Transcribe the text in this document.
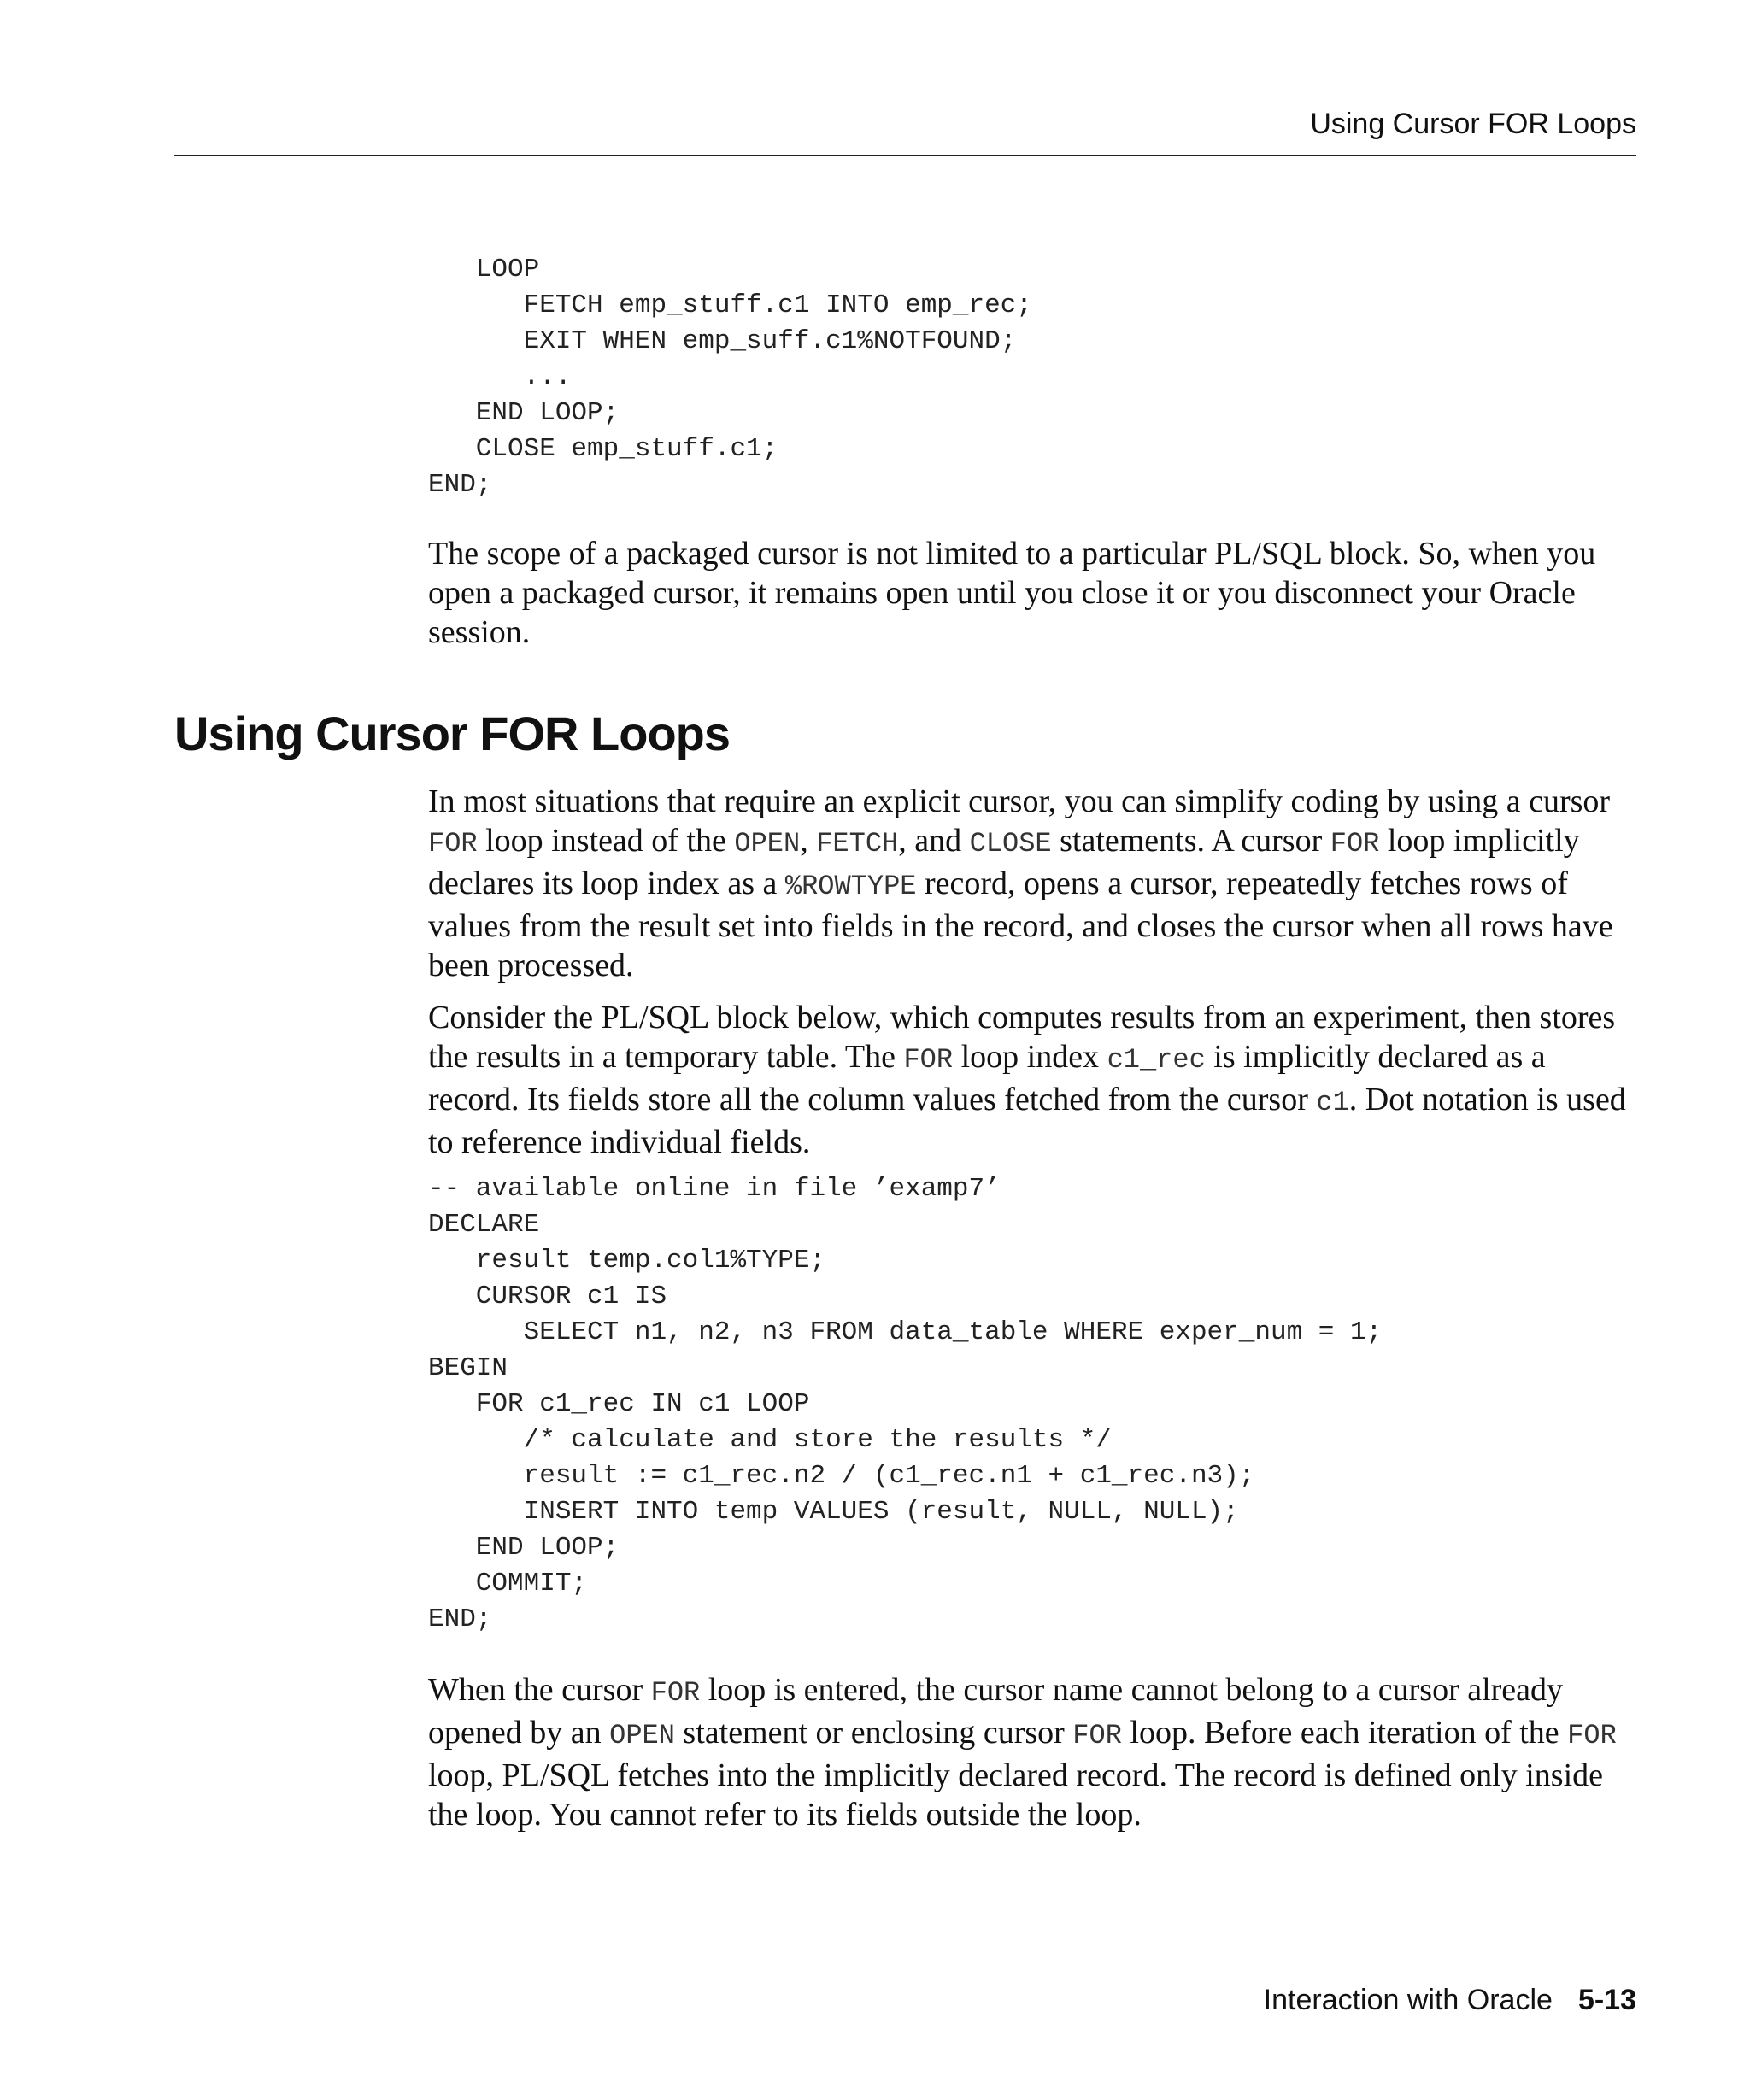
Using Cursor FOR Loops
LOOP
FETCH emp_stuff.c1 INTO emp_rec;
EXIT WHEN emp_suff.c1%NOTFOUND;
...
END LOOP;
CLOSE emp_stuff.c1;
END;

The scope of a packaged cursor is not limited to a particular PL/SQL block. So, when you open a packaged cursor, it remains open until you close it or you disconnect your Oracle session.

Using Cursor FOR Loops

In most situations that require an explicit cursor, you can simplify coding by using a cursor FOR loop instead of the OPEN, FETCH, and CLOSE statements. A cursor FOR loop implicitly declares its loop index as a %ROWTYPE record, opens a cursor, repeatedly fetches rows of values from the result set into fields in the record, and closes the cursor when all rows have been processed.

Consider the PL/SQL block below, which computes results from an experiment, then stores the results in a temporary table. The FOR loop index c1_rec is implicitly declared as a record. Its fields store all the column values fetched from the cursor c1. Dot notation is used to reference individual fields.

-- available online in file ’examp7’
DECLARE
result temp.col1%TYPE;
CURSOR c1 IS
SELECT n1, n2, n3 FROM data_table WHERE exper_num = 1;
BEGIN
FOR c1_rec IN c1 LOOP
/* calculate and store the results */
result := c1_rec.n2 / (c1_rec.n1 + c1_rec.n3);
INSERT INTO temp VALUES (result, NULL, NULL);
END LOOP;
COMMIT;
END;

When the cursor FOR loop is entered, the cursor name cannot belong to a cursor already opened by an OPEN statement or enclosing cursor FOR loop. Before each iteration of the FOR loop, PL/SQL fetches into the implicitly declared record. The record is defined only inside the loop. You cannot refer to its fields outside the loop.

Interaction with Oracle 5-13
